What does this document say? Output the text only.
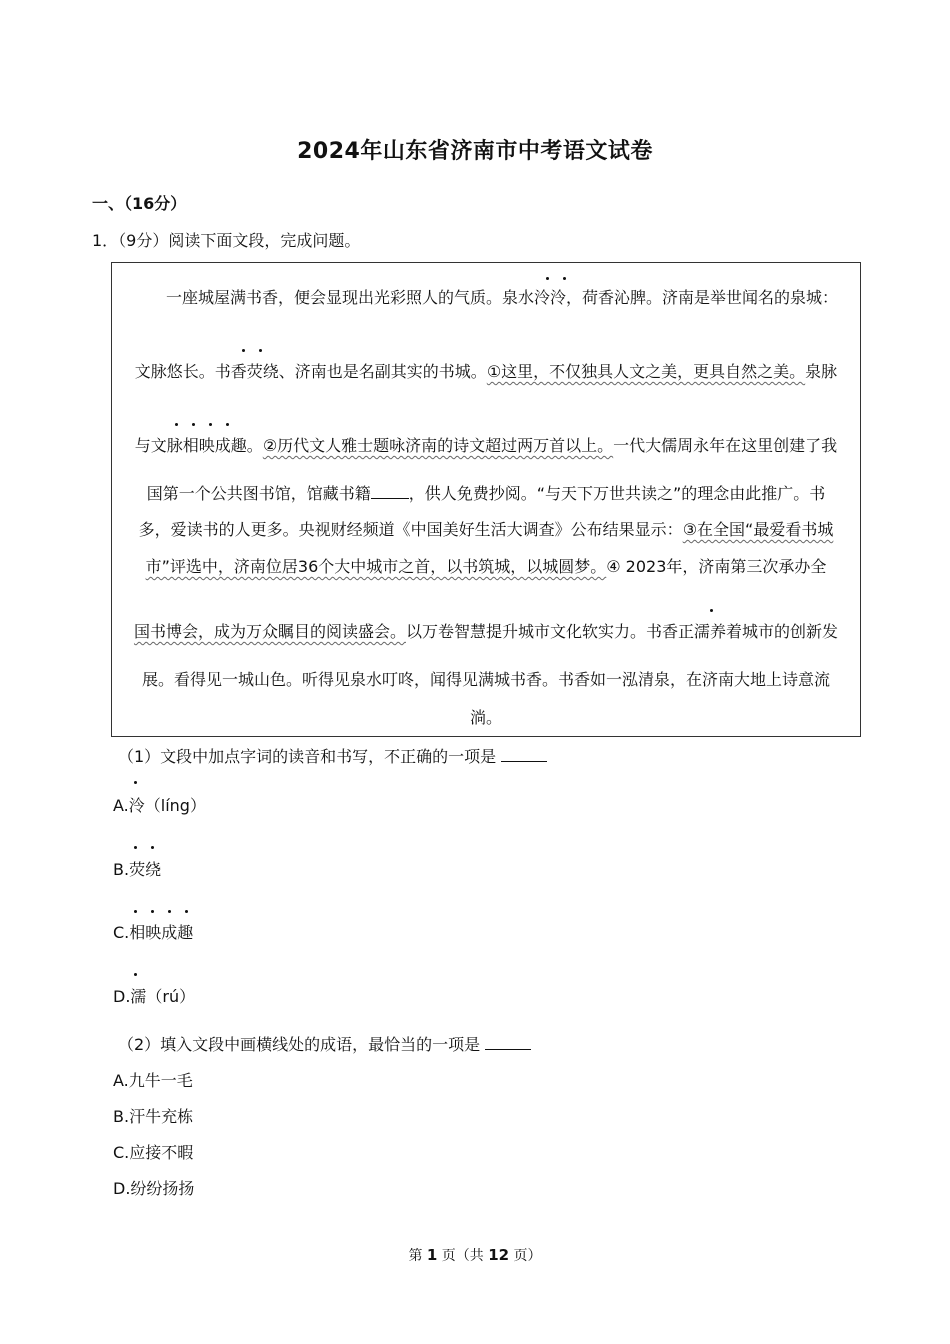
2024年山东省济南市中考语文试卷
一、（16分）
1．（9分）阅读下面文段，完成问题。
一座城屋满书香，便会显现出光彩照人的气质。泉水泠泠，荷香沁脾。济南是举世闻名的泉城：
文脉悠长。书香荧绕、济南也是名副其实的书城。①这里，不仅独具人文之美，更具自然之美。泉脉
与文脉相映成趣。②历代文人雅士题咏济南的诗文超过两万首以上。一代大儒周永年在这里创建了我
国第一个公共图书馆，馆藏书籍 ，供人免费抄阅。“与天下万世共读之”的理念由此推广。书
多，爱读书的人更多。央视财经频道《中国美好生活大调查》公布结果显示：③在全国“最爱看书城
市”评选中，济南位居36个大中城市之首，以书筑城，以城圆梦。④ 2023年，济南第三次承办全
国书博会，成为万众瞩目的阅读盛会。以万卷智慧提升城市文化软实力。书香正濡养着城市的创新发
展。看得见一城山色。听得见泉水叮咚，闻得见满城书香。书香如一泓清泉，在济南大地上诗意流
淌。
（1）文段中加点字词的读音和书写，不正确的一项是
A.泠（líng）
B.荧绕
C.相映成趣
D.濡（rú）
（2）填入文段中画横线处的成语，最恰当的一项是
A.九牛一毛
B.汗牛充栋
C.应接不暇
D.纷纷扬扬
第 1 页（共 12 页）
